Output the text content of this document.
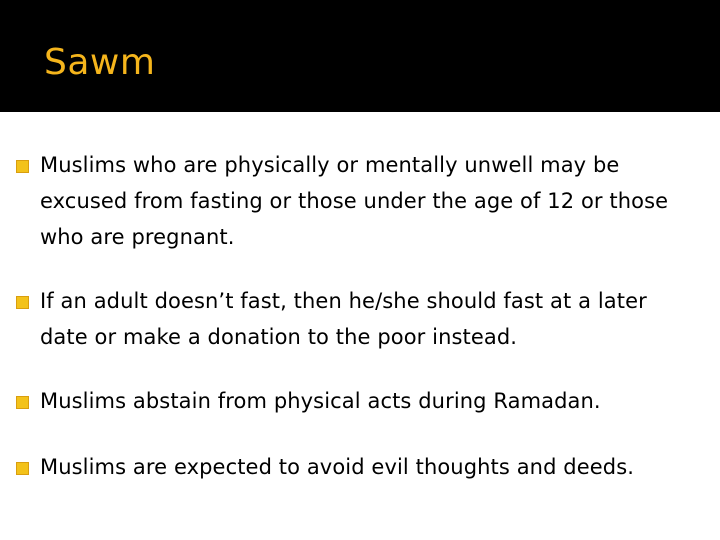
Sawm
Muslims who are physically or mentally unwell may be excused from fasting or those under the age of 12 or those who are pregnant.
If an adult doesn’t fast, then he/she should fast at a later date or make a donation to the poor instead.
Muslims abstain from physical acts during Ramadan.
Muslims are expected to avoid evil thoughts and deeds.
